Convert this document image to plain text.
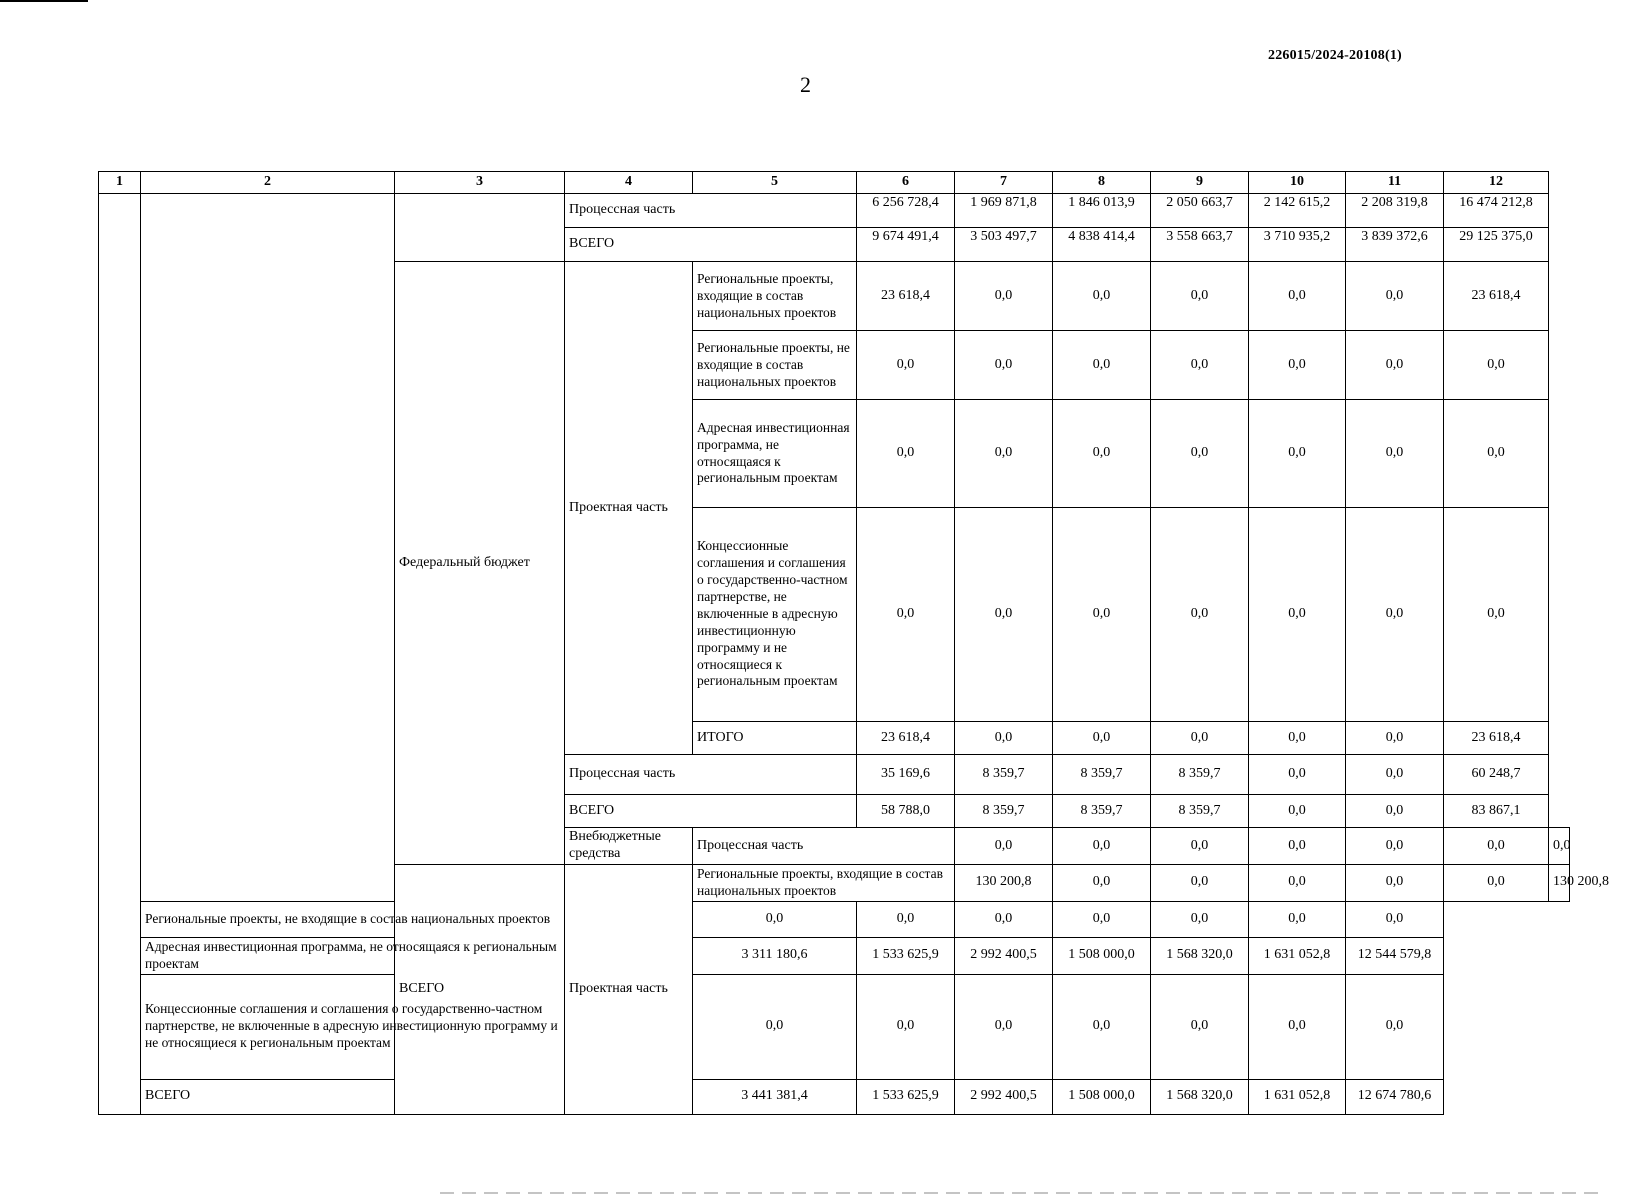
226015/2024-20108(1)
2
1	2	3	4	5	6	7	8	9	10	11	12	
			Процессная часть		6 256 728,4	1 969 871,8	1 846 013,9	2 050 663,7	2 142 615,2	2 208 319,8	16 474 212,8	
			ВСЕГО		9 674 491,4	3 503 497,7	4 838 414,4	3 558 663,7	3 710 935,2	3 839 372,6	29 125 375,0	
		Федеральный бюджет	Проектная часть	Региональные проекты, входящие в состав национальных проектов	23 618,4	0,0	0,0	0,0	0,0	0,0	23 618,4	
				Региональные проекты, не входящие в состав национальных проектов	0,0	0,0	0,0	0,0	0,0	0,0	0,0	
				Адресная инвестиционная программа, не относящаяся к региональным проектам	0,0	0,0	0,0	0,0	0,0	0,0	0,0	
				Концессионные соглашения и соглашения о государственно-частном партнерстве, не включенные в адресную инвестиционную программу и не относящиеся к региональным проектам	0,0	0,0	0,0	0,0	0,0	0,0	0,0	
				ИТОГО	23 618,4	0,0	0,0	0,0	0,0	0,0	23 618,4	
			Процессная часть		35 169,6	8 359,7	8 359,7	8 359,7	0,0	0,0	60 248,7	
			ВСЕГО		58 788,0	8 359,7	8 359,7	8 359,7	0,0	0,0	83 867,1	
			Внебюджетные средства	Процессная часть		0,0	0,0	0,0	0,0	0,0	0,0	0,0
		ВСЕГО	Проектная часть	Региональные проекты, входящие в состав национальных проектов		130 200,8	0,0	0,0	0,0	0,0	0,0	130 200,8
	Региональные проекты, не входящие в состав национальных проектов			0,0	0,0	0,0	0,0	0,0	0,0	0,0		
	Адресная инвестиционная программа, не относящаяся к региональным проектам			3 311 180,6	1 533 625,9	2 992 400,5	1 508 000,0	1 568 320,0	1 631 052,8	12 544 579,8		
	Концессионные соглашения и соглашения о государственно-частном партнерстве, не включенные в адресную инвестиционную программу и не относящиеся к региональным проектам			0,0	0,0	0,0	0,0	0,0	0,0	0,0		
	ВСЕГО			3 441 381,4	1 533 625,9	2 992 400,5	1 508 000,0	1 568 320,0	1 631 052,8	12 674 780,6		
